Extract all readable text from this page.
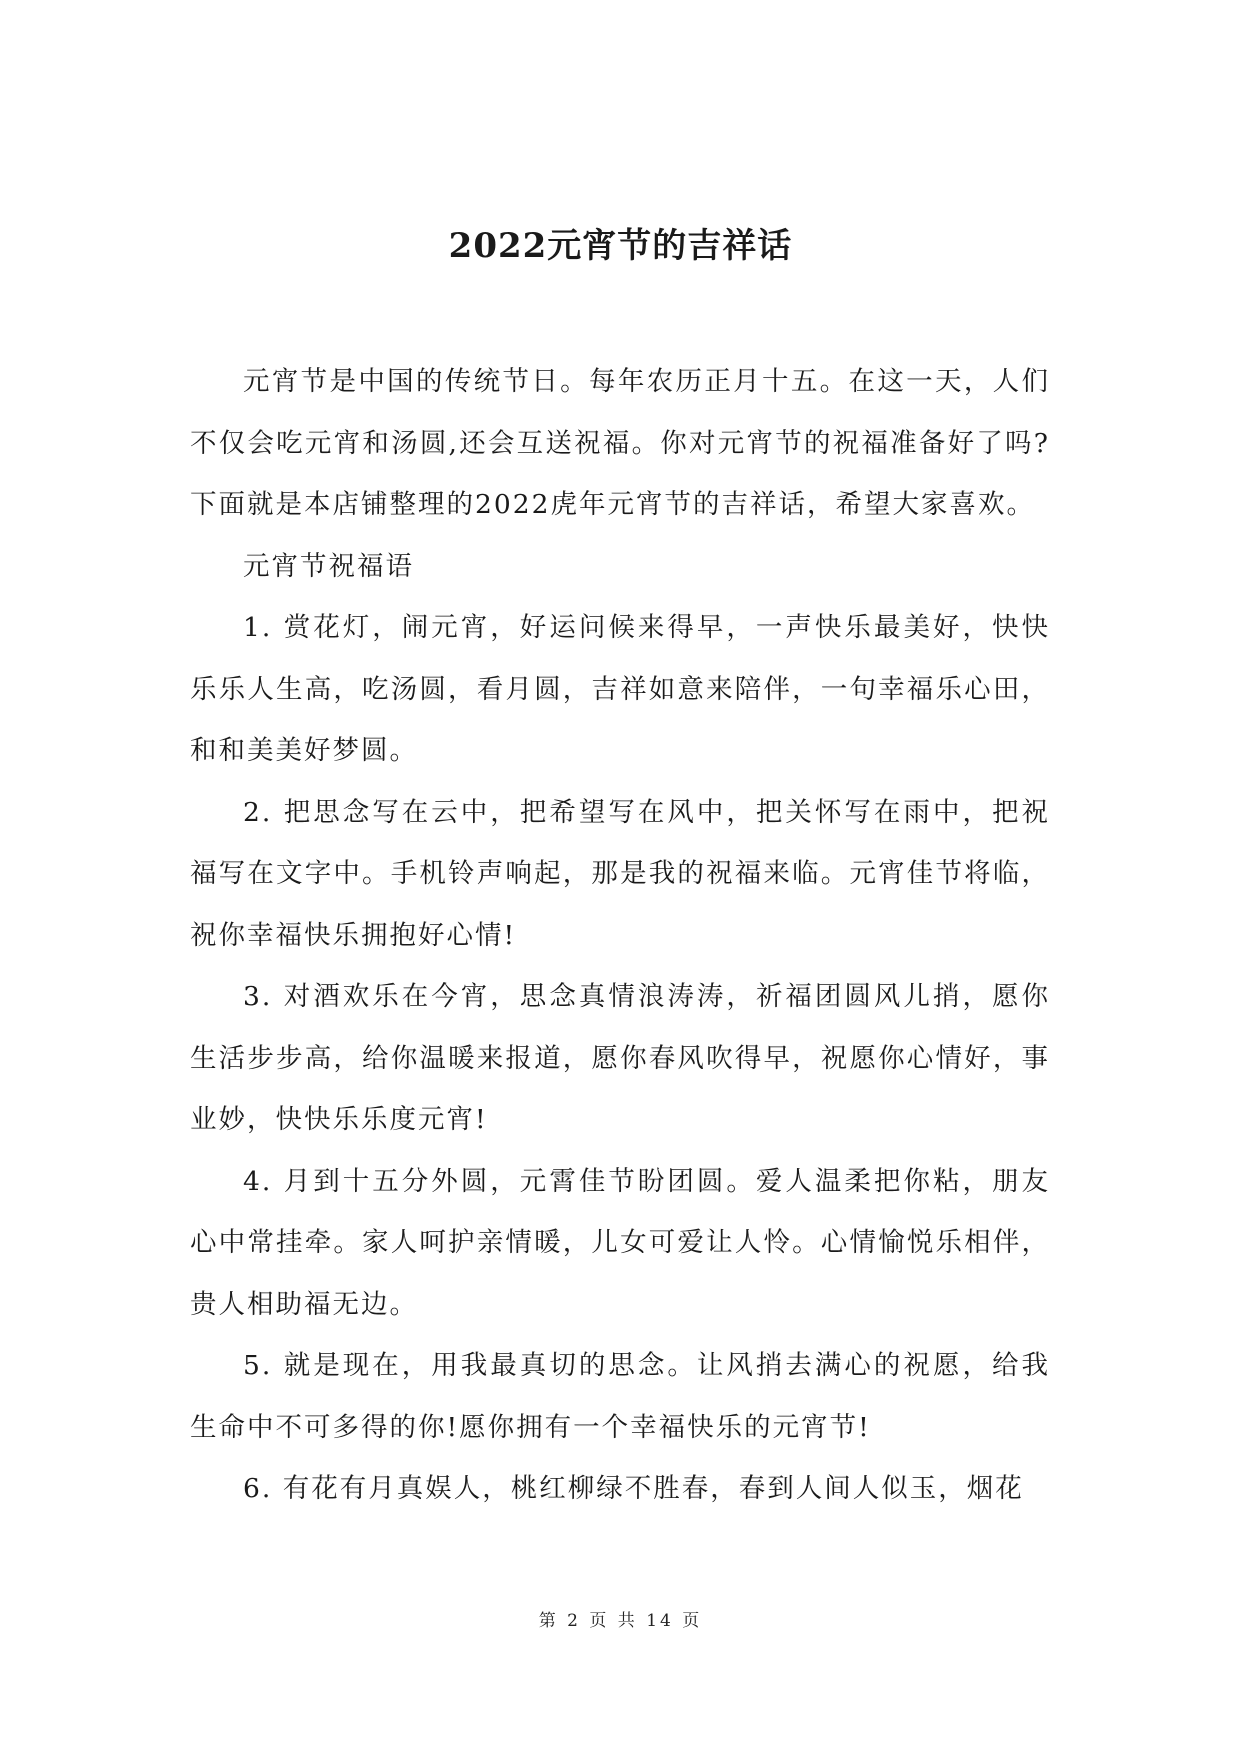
2022元宵节的吉祥话

元宵节是中国的传统节日。每年农历正月十五。在这一天，人们不仅会吃元宵和汤圆,还会互送祝福。你对元宵节的祝福准备好了吗?下面就是本店铺整理的2022虎年元宵节的吉祥话，希望大家喜欢。

元宵节祝福语

1. 赏花灯，闹元宵，好运问候来得早，一声快乐最美好，快快乐乐人生高，吃汤圆，看月圆，吉祥如意来陪伴，一句幸福乐心田，和和美美好梦圆。

2. 把思念写在云中，把希望写在风中，把关怀写在雨中，把祝福写在文字中。手机铃声响起，那是我的祝福来临。元宵佳节将临，祝你幸福快乐拥抱好心情!

3. 对酒欢乐在今宵，思念真情浪涛涛，祈福团圆风儿捎，愿你生活步步高，给你温暖来报道，愿你春风吹得早，祝愿你心情好，事业妙，快快乐乐度元宵!

4. 月到十五分外圆，元霄佳节盼团圆。爱人温柔把你粘，朋友心中常挂牵。家人呵护亲情暖，儿女可爱让人怜。心情愉悦乐相伴，贵人相助福无边。

5. 就是现在，用我最真切的思念。让风捎去满心的祝愿，给我生命中不可多得的你!愿你拥有一个幸福快乐的元宵节!

6. 有花有月真娱人，桃红柳绿不胜春，春到人间人似玉，烟花

第 2 页 共 14 页
